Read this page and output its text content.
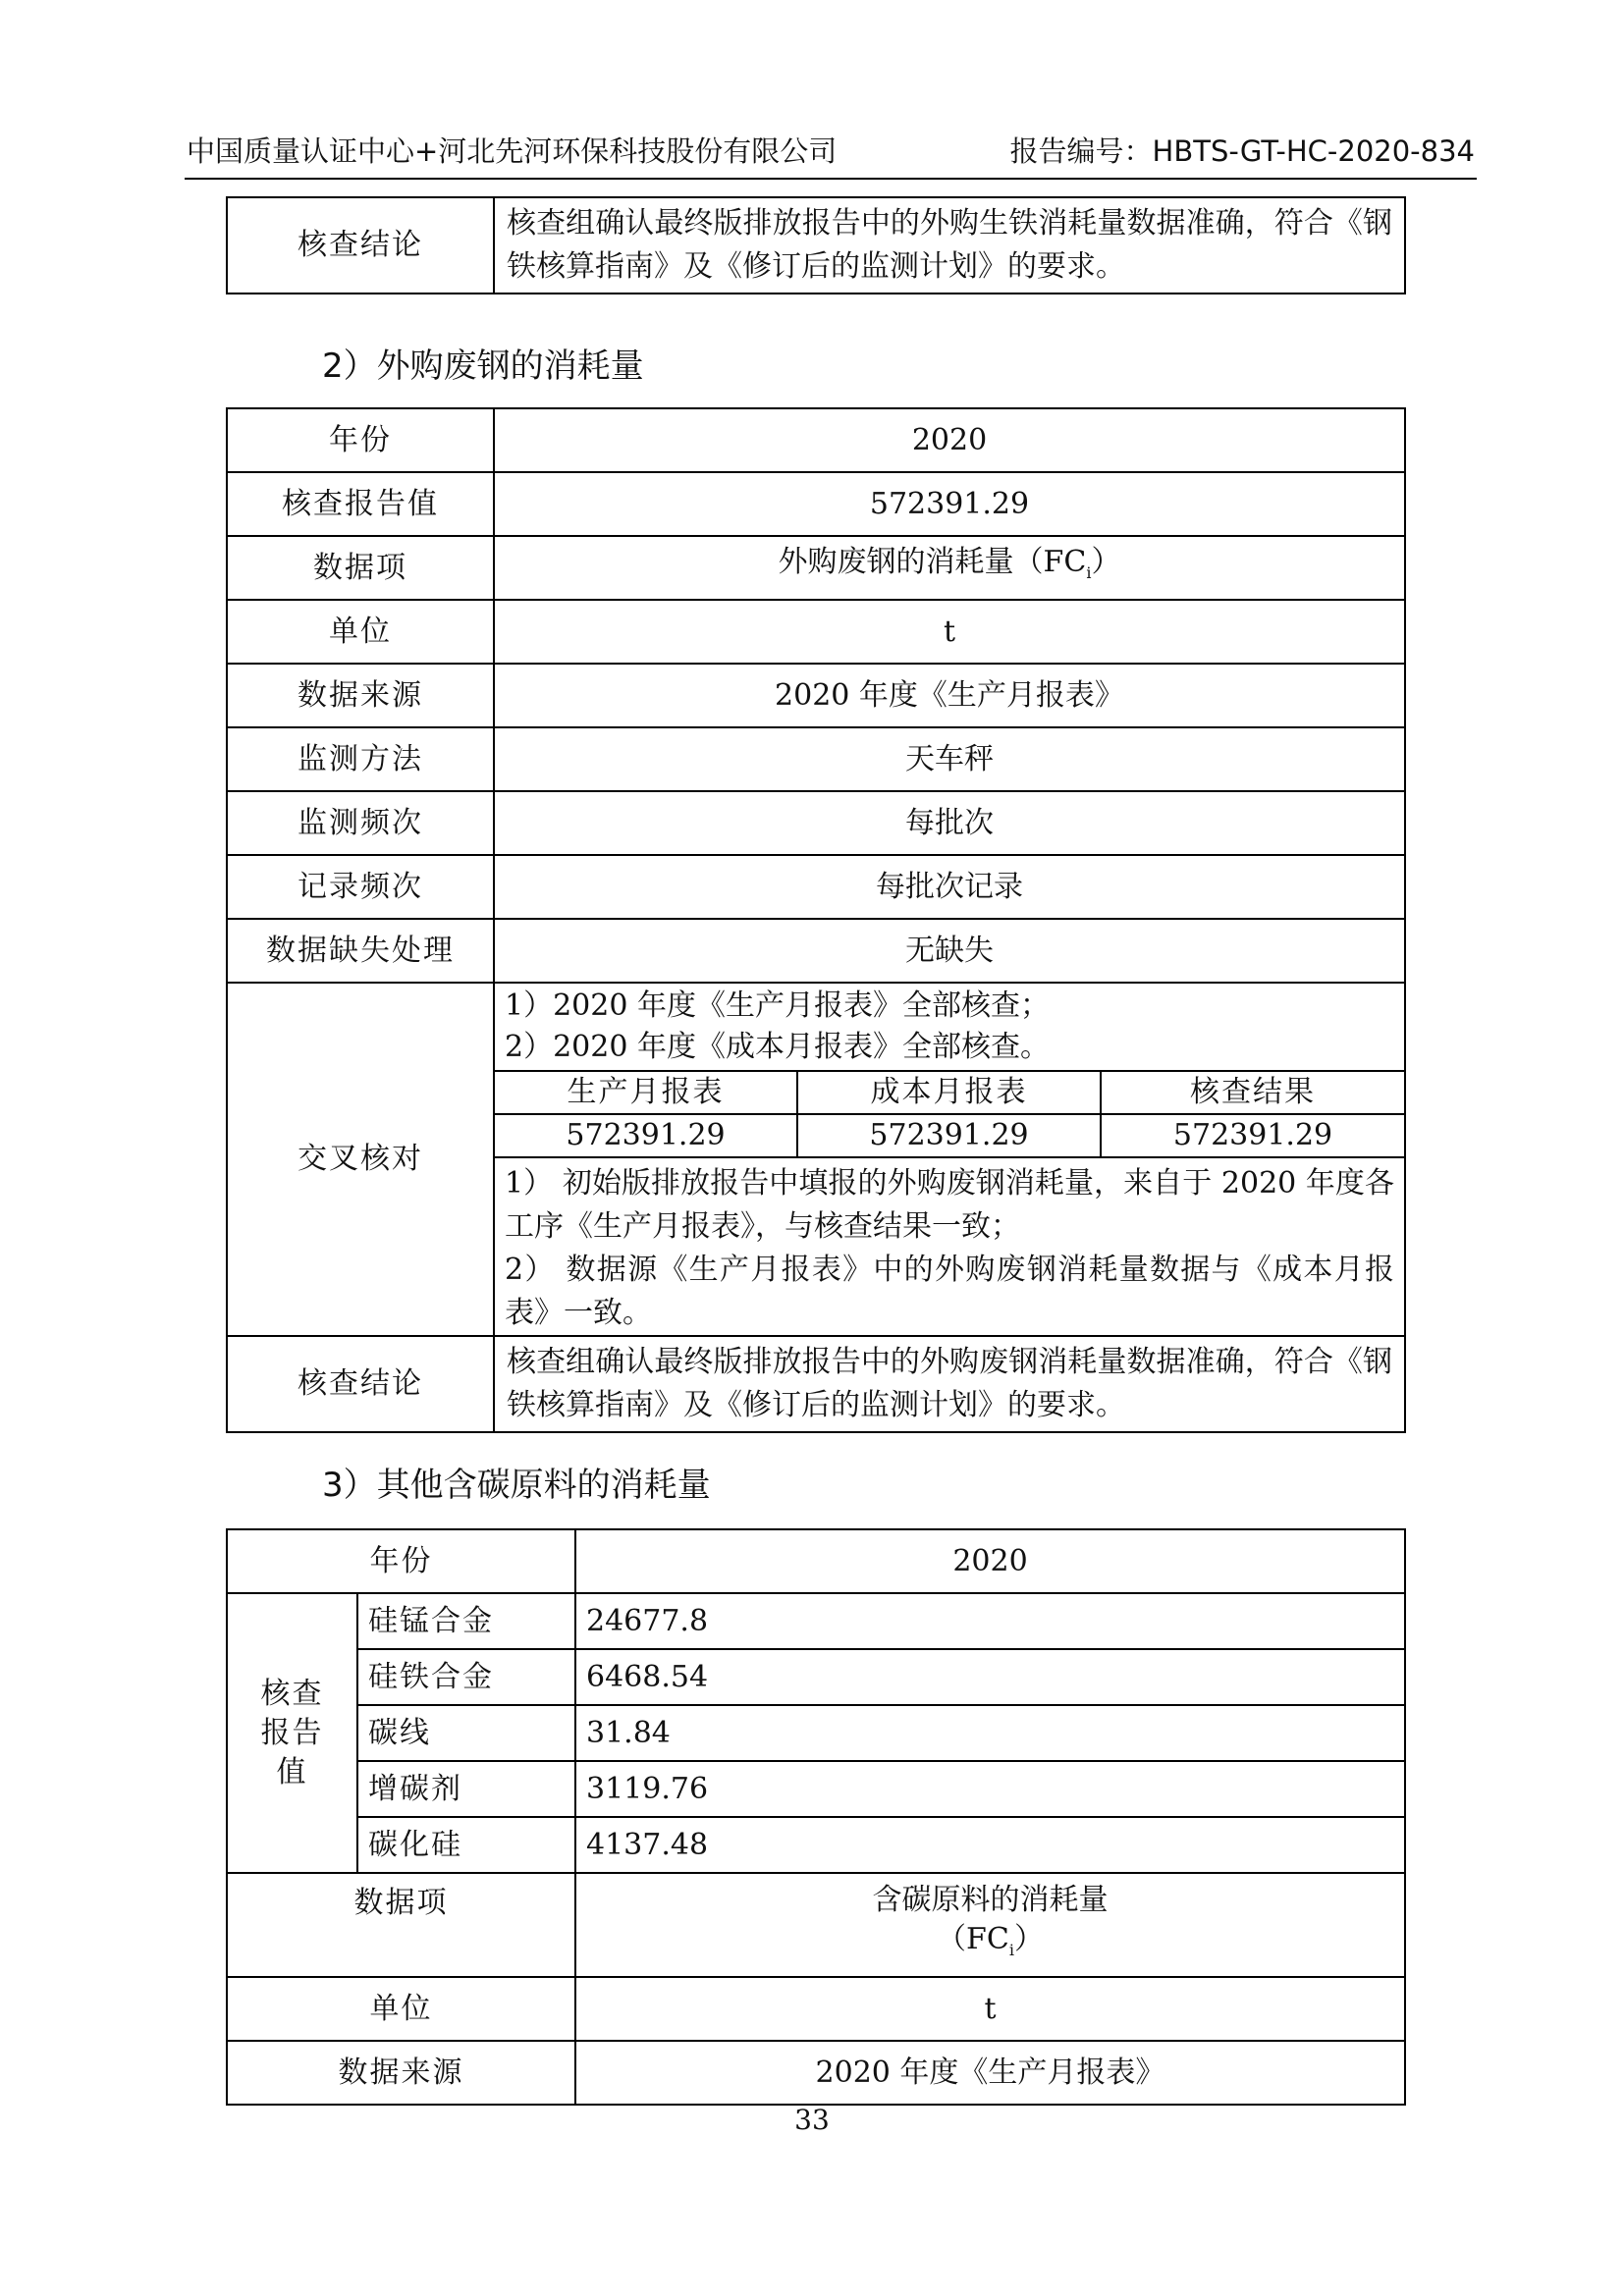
中国质量认证中心+河北先河环保科技股份有限公司	报告编号：HBTS-GT-HC-2020-834
核查结论	核查组确认最终版排放报告中的外购生铁消耗量数据准确，符合《钢铁核算指南》及《修订后的监测计划》的要求。
2）外购废钢的消耗量
年份	2020
核查报告值	572391.29
数据项	外购废钢的消耗量$(FC_i)$
单位	t
数据来源	2020 年度《生产月报表》
监测方法	天车秤
监测频次	每批次
记录频次	每批次记录
数据缺失处理	无缺失
交叉核对	
1）2020 年度《生产月报表》全部核查；
2）2020 年度《成本月报表》全部核查。
生产月报表	成本月报表	核查结果
572391.29	572391.29	572391.29
1） 初始版排放报告中填报的外购废钢消耗量，来自于 2020 年度各工序《生产月报表》，与核查结果一致；
2） 数据源《生产月报表》中的外购废钢消耗量数据与《成本月报表》一致。

核查结论	核查组确认最终版排放报告中的外购废钢消耗量数据准确，符合《钢铁核算指南》及《修订后的监测计划》的要求。
3）其他含碳原料的消耗量
年份		2020
核查报告值	硅锰合金	24677.8
	硅铁合金	6468.54
	碳线	31.84
	增碳剂	3119.76
	碳化硅	4137.48
数据项		含碳原料的消耗量
$(FC_i)$

单位		t
数据来源		2020 年度《生产月报表》
33
